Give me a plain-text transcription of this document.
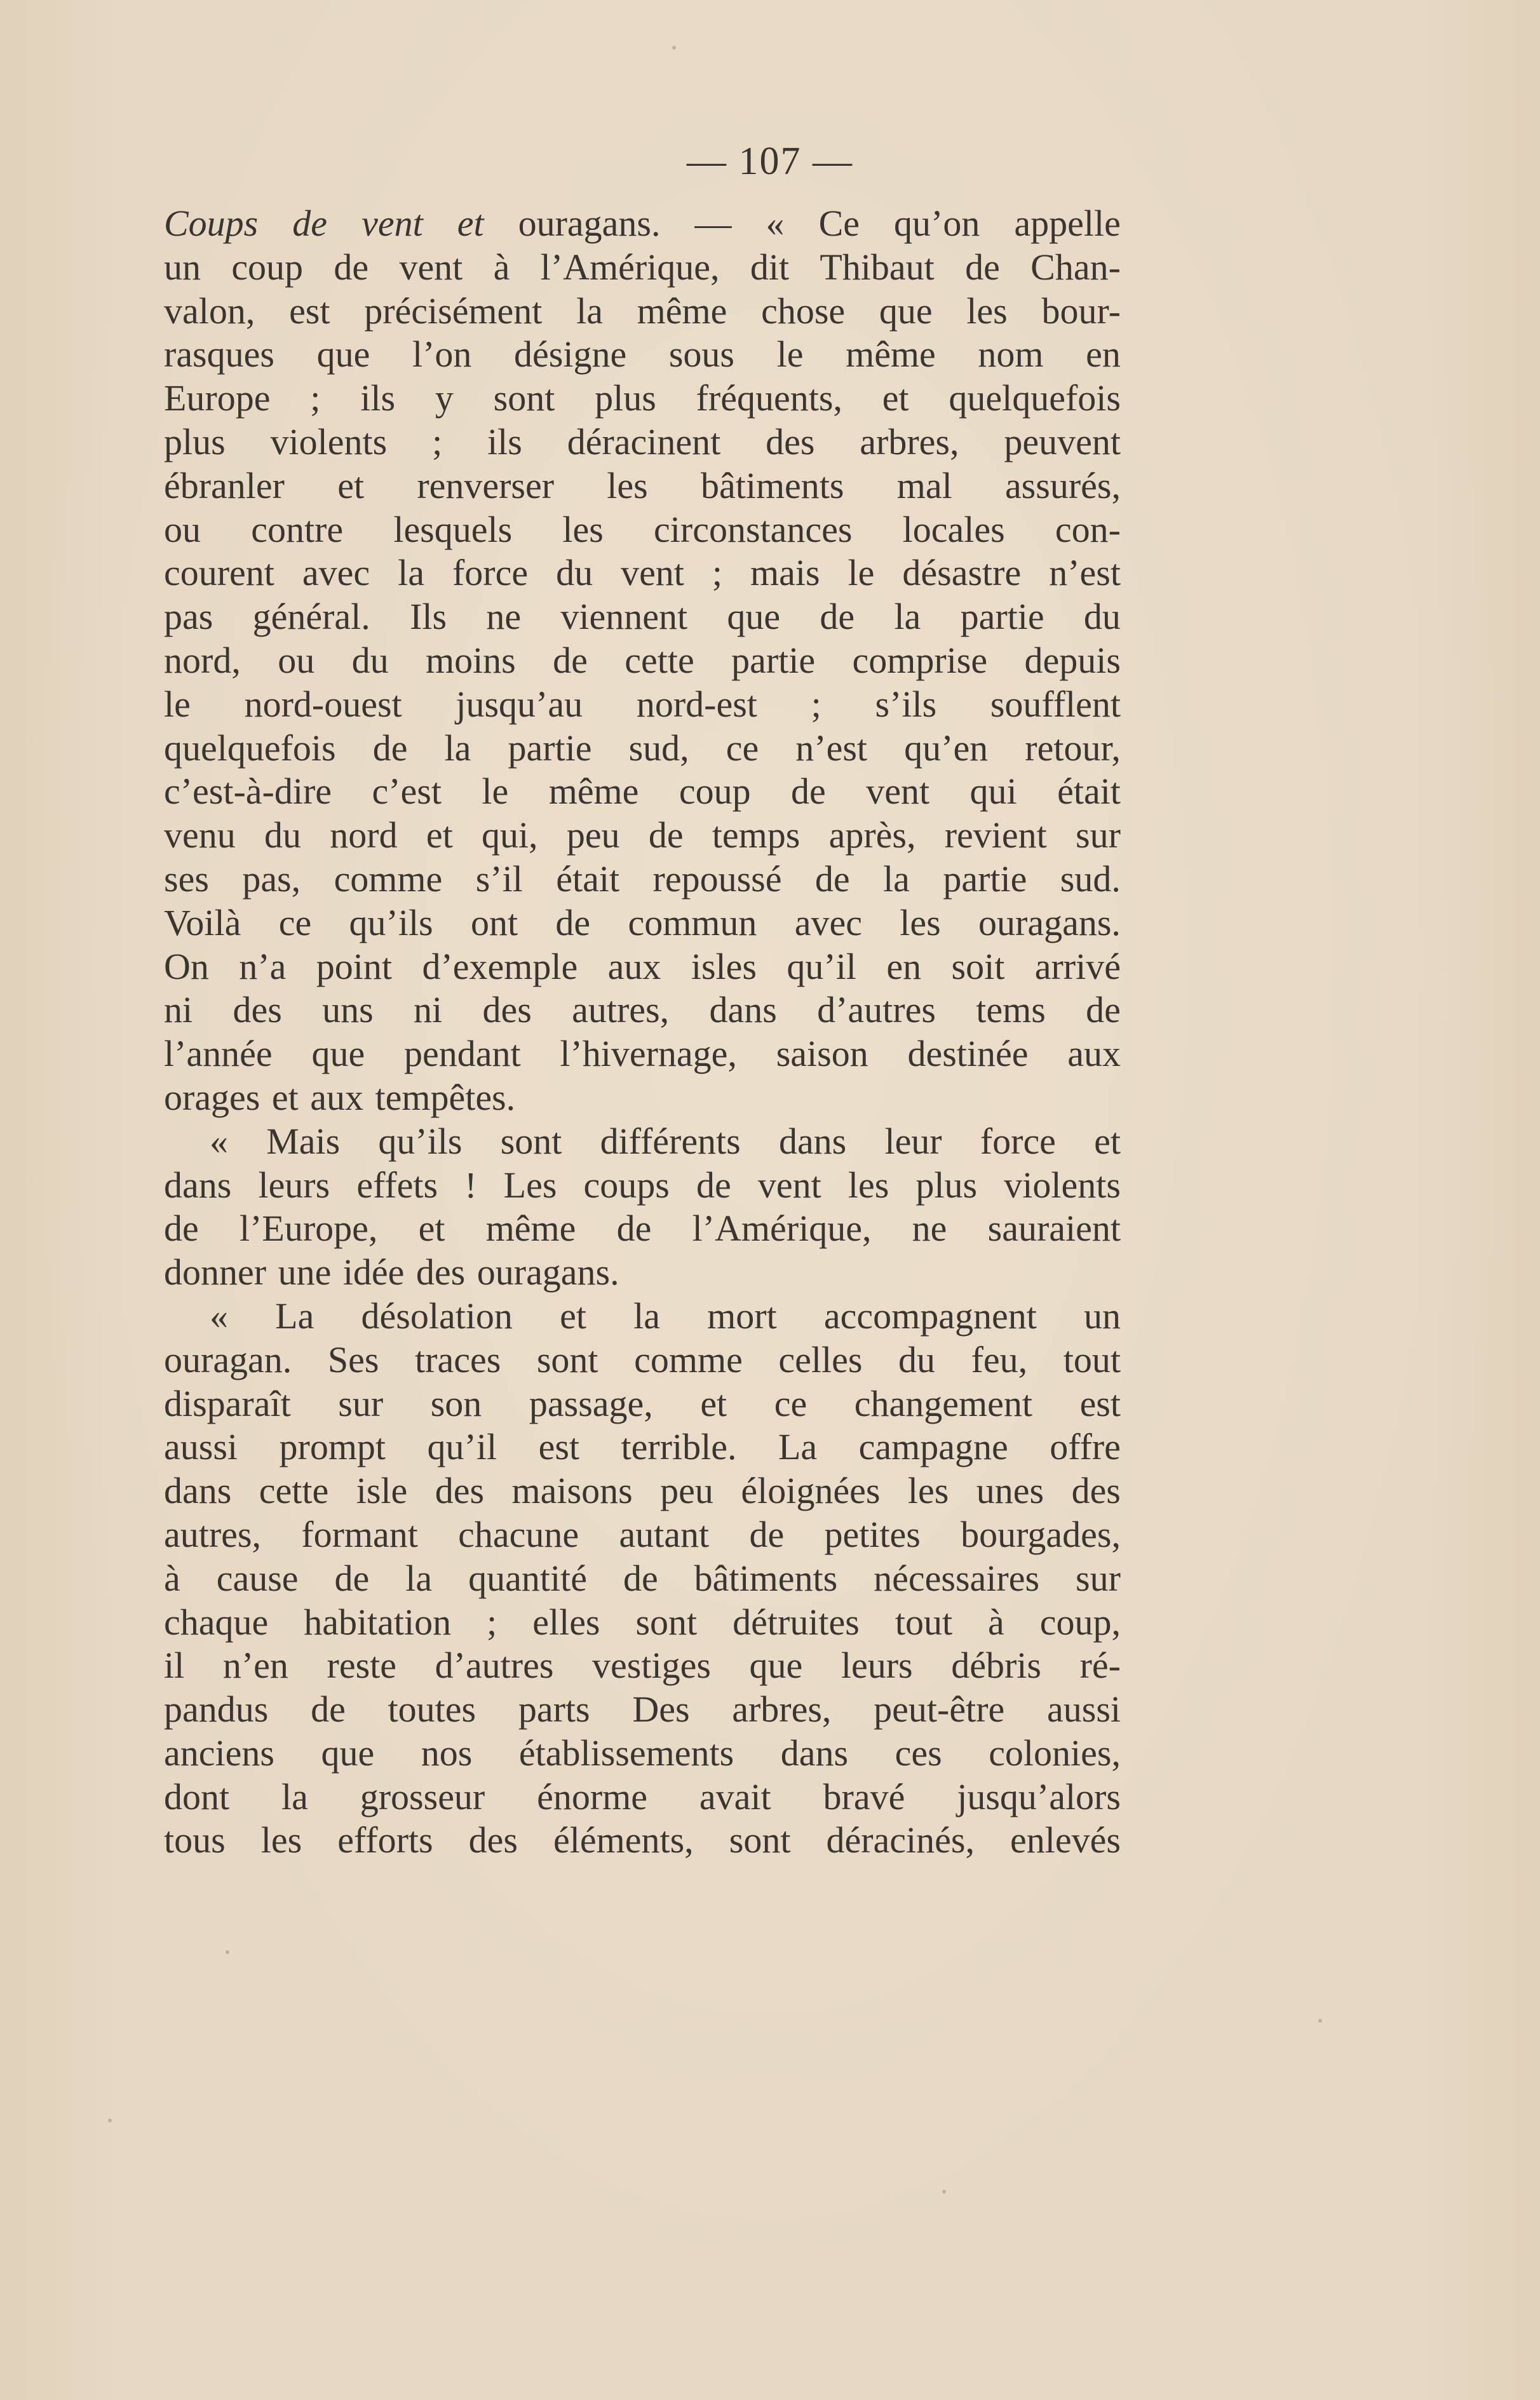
— 107 —
Coups de vent et ouragans. — « Ce qu’on appelle
un coup de vent à l’Amérique, dit Thibaut de Chan-
valon, est précisément la même chose que les bour-
rasques que l’on désigne sous le même nom en
Europe ; ils y sont plus fréquents, et quelquefois
plus violents ; ils déracinent des arbres, peuvent
ébranler et renverser les bâtiments mal assurés,
ou contre lesquels les circonstances locales con-
courent avec la force du vent ; mais le désastre n’est
pas général. Ils ne viennent que de la partie du
nord, ou du moins de cette partie comprise depuis
le nord-ouest jusqu’au nord-est ; s’ils soufflent
quelquefois de la partie sud, ce n’est qu’en retour,
c’est-à-dire c’est le même coup de vent qui était
venu du nord et qui, peu de temps après, revient sur
ses pas, comme s’il était repoussé de la partie sud.
Voilà ce qu’ils ont de commun avec les ouragans.
On n’a point d’exemple aux isles qu’il en soit arrivé
ni des uns ni des autres, dans d’autres tems de
l’année que pendant l’hivernage, saison destinée aux
orages
et
aux
tempêtes.
« Mais qu’ils sont différents dans leur force et
dans leurs effets ! Les coups de vent les plus violents
de l’Europe, et même de l’Amérique, ne sauraient
donner
une
idée
des
ouragans.
« La désolation et la mort accompagnent un
ouragan. Ses traces sont comme celles du feu, tout
disparaît sur son passage, et ce changement est
aussi prompt qu’il est terrible. La campagne offre
dans cette isle des maisons peu éloignées les unes des
autres, formant chacune autant de petites bourgades,
à cause de la quantité de bâtiments nécessaires sur
chaque habitation ; elles sont détruites tout à coup,
il n’en reste d’autres vestiges que leurs débris ré-
pandus de toutes parts Des arbres, peut-être aussi
anciens que nos établissements dans ces colonies,
dont la grosseur énorme avait bravé jusqu’alors
tous les efforts des éléments, sont déracinés, enlevés
